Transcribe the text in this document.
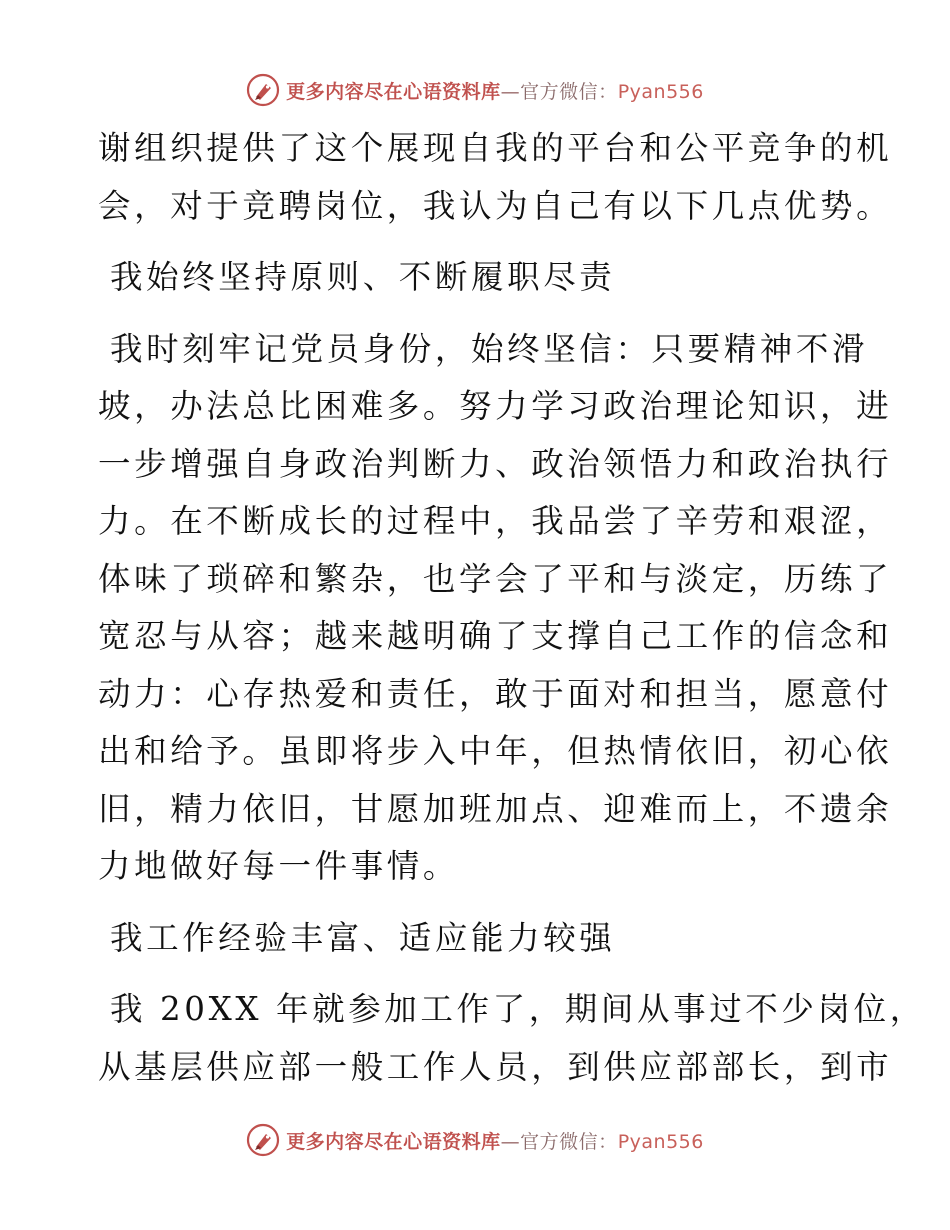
更多内容尽在心语资料库—官方微信：Pyan556

谢组织提供了这个展现自我的平台和公平竞争的机
会，对于竞聘岗位，我认为自己有以下几点优势。

我始终坚持原则、不断履职尽责

我时刻牢记党员身份，始终坚信：只要精神不滑
坡，办法总比困难多。努力学习政治理论知识，进
一步增强自身政治判断力、政治领悟力和政治执行
力。在不断成长的过程中，我品尝了辛劳和艰涩，
体味了琐碎和繁杂，也学会了平和与淡定，历练了
宽忍与从容；越来越明确了支撑自己工作的信念和
动力：心存热爱和责任，敢于面对和担当，愿意付
出和给予。虽即将步入中年，但热情依旧，初心依
旧，精力依旧，甘愿加班加点、迎难而上，不遗余
力地做好每一件事情。

我工作经验丰富、适应能力较强

我 20XX 年就参加工作了，期间从事过不少岗位，
从基层供应部一般工作人员，到供应部部长，到市

更多内容尽在心语资料库—官方微信：Pyan556
